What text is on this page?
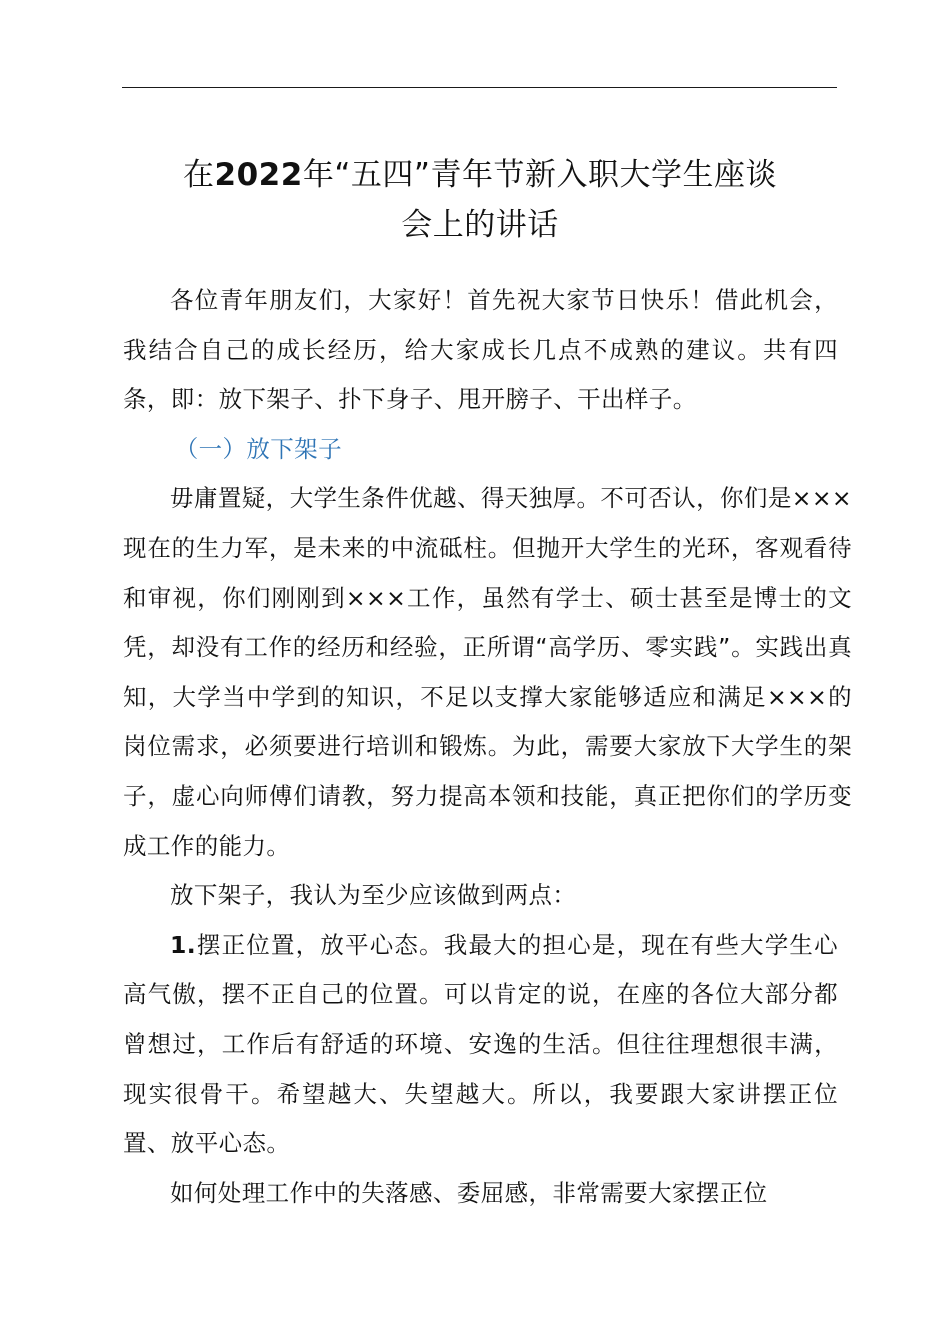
在2022年“五四”青年节新入职大学生座谈
会上的讲话

各位青年朋友们，大家好！首先祝大家节日快乐！借此机会，我结合自己的成长经历，给大家成长几点不成熟的建议。共有四条，即：放下架子、扑下身子、甩开膀子、干出样子。

（一）放下架子

毋庸置疑，大学生条件优越、得天独厚。不可否认，你们是×××现在的生力军，是未来的中流砥柱。但抛开大学生的光环，客观看待和审视，你们刚刚到×××工作，虽然有学士、硕士甚至是博士的文凭，却没有工作的经历和经验，正所谓“高学历、零实践”。实践出真知，大学当中学到的知识，不足以支撑大家能够适应和满足×××的岗位需求，必须要进行培训和锻炼。为此，需要大家放下大学生的架子，虚心向师傅们请教，努力提高本领和技能，真正把你们的学历变成工作的能力。

放下架子，我认为至少应该做到两点：

1.摆正位置，放平心态。我最大的担心是，现在有些大学生心高气傲，摆不正自己的位置。可以肯定的说，在座的各位大部分都曾想过，工作后有舒适的环境、安逸的生活。但往往理想很丰满，现实很骨干。希望越大、失望越大。所以，我要跟大家讲摆正位置、放平心态。

如何处理工作中的失落感、委屈感，非常需要大家摆正位
